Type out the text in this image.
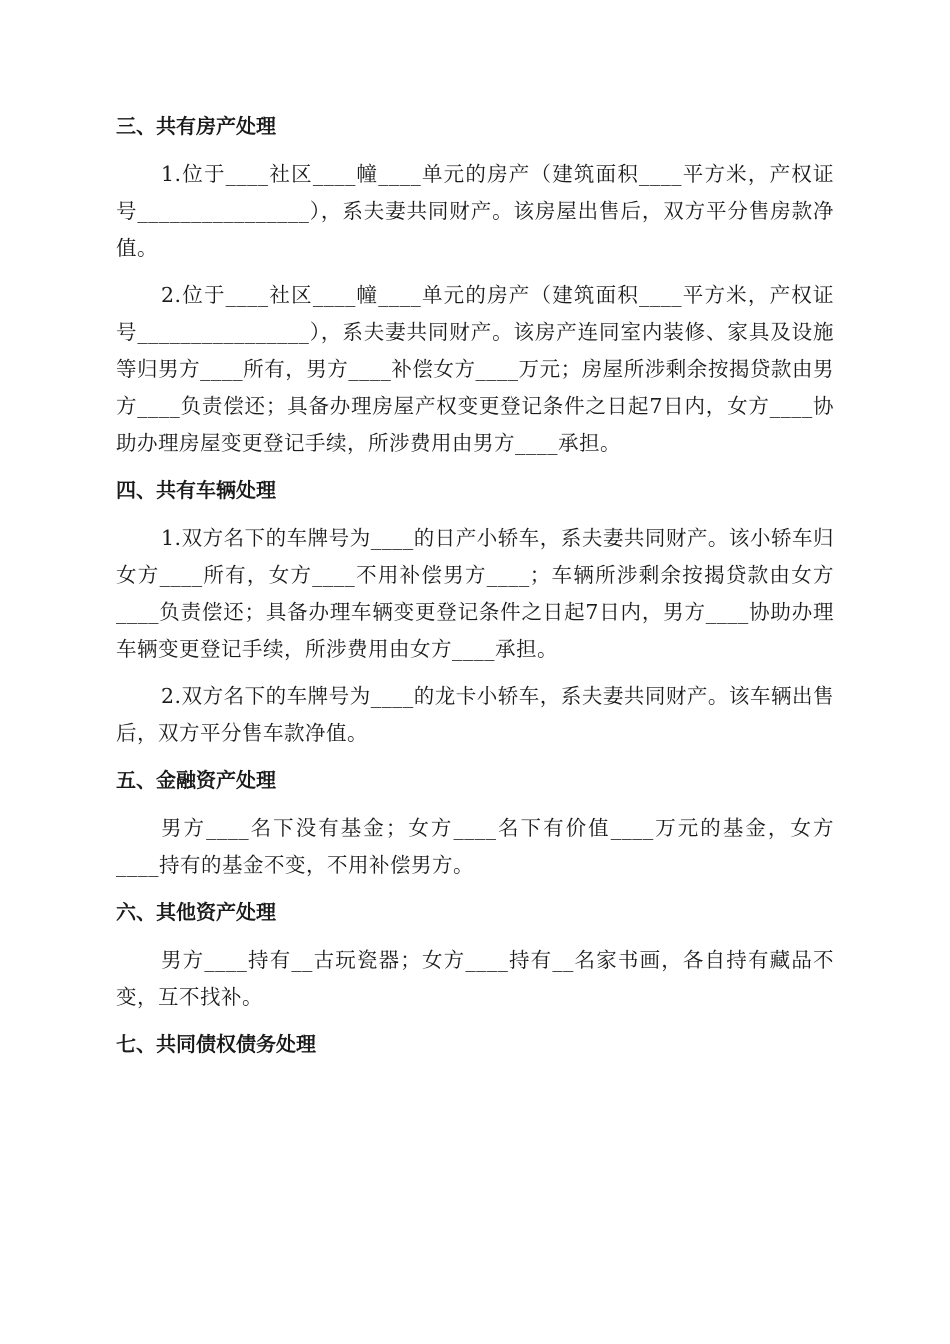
三、共有房产处理

1.位于____社区____幢____单元的房产（建筑面积____平方米，产权证号________________），系夫妻共同财产。该房屋出售后，双方平分售房款净值。

2.位于____社区____幢____单元的房产（建筑面积____平方米，产权证号________________），系夫妻共同财产。该房产连同室内装修、家具及设施等归男方____所有，男方____补偿女方____万元；房屋所涉剩余按揭贷款由男方____负责偿还；具备办理房屋产权变更登记条件之日起7日内，女方____协助办理房屋变更登记手续，所涉费用由男方____承担。

四、共有车辆处理

1.双方名下的车牌号为____的日产小轿车，系夫妻共同财产。该小轿车归女方____所有，女方____不用补偿男方____；车辆所涉剩余按揭贷款由女方____负责偿还；具备办理车辆变更登记条件之日起7日内，男方____协助办理车辆变更登记手续，所涉费用由女方____承担。

2.双方名下的车牌号为____的龙卡小轿车，系夫妻共同财产。该车辆出售后，双方平分售车款净值。

五、金融资产处理

男方____名下没有基金；女方____名下有价值____万元的基金，女方____持有的基金不变，不用补偿男方。

六、其他资产处理

男方____持有__古玩瓷器；女方____持有__名家书画，各自持有藏品不变，互不找补。

七、共同债权债务处理
